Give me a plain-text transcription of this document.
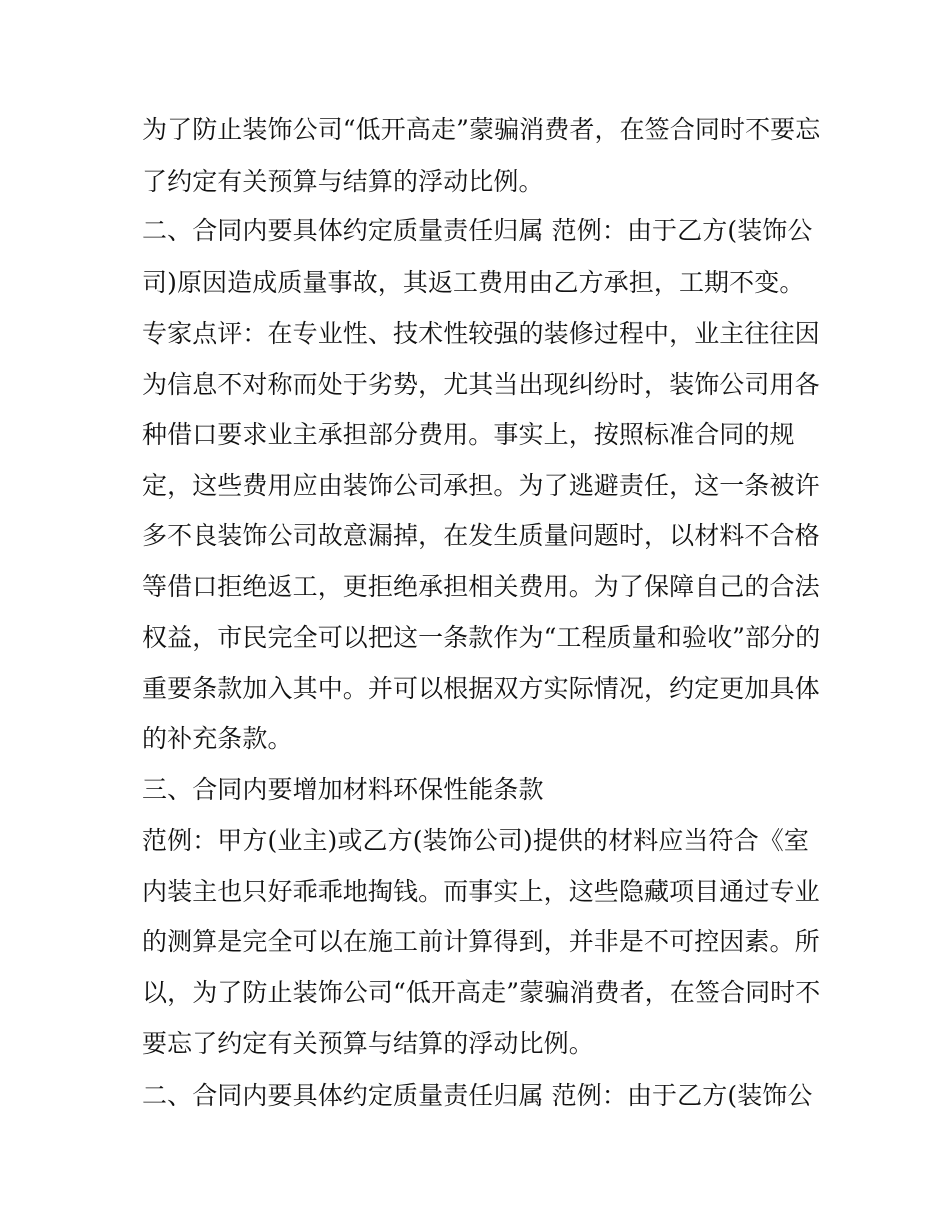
为了防止装饰公司“低开高走”蒙骗消费者，在签合同时不要忘
了约定有关预算与结算的浮动比例。
二、合同内要具体约定质量责任归属 范例：由于乙方(装饰公
司)原因造成质量事故，其返工费用由乙方承担，工期不变。
专家点评：在专业性、技术性较强的装修过程中，业主往往因
为信息不对称而处于劣势，尤其当出现纠纷时，装饰公司用各
种借口要求业主承担部分费用。事实上，按照标准合同的规
定，这些费用应由装饰公司承担。为了逃避责任，这一条被许
多不良装饰公司故意漏掉，在发生质量问题时，以材料不合格
等借口拒绝返工，更拒绝承担相关费用。为了保障自己的合法
权益，市民完全可以把这一条款作为“工程质量和验收”部分的
重要条款加入其中。并可以根据双方实际情况，约定更加具体
的补充条款。
三、合同内要增加材料环保性能条款
范例：甲方(业主)或乙方(装饰公司)提供的材料应当符合《室
内装主也只好乖乖地掏钱。而事实上，这些隐藏项目通过专业
的测算是完全可以在施工前计算得到，并非是不可控因素。所
以，为了防止装饰公司“低开高走”蒙骗消费者，在签合同时不
要忘了约定有关预算与结算的浮动比例。
二、合同内要具体约定质量责任归属 范例：由于乙方(装饰公
